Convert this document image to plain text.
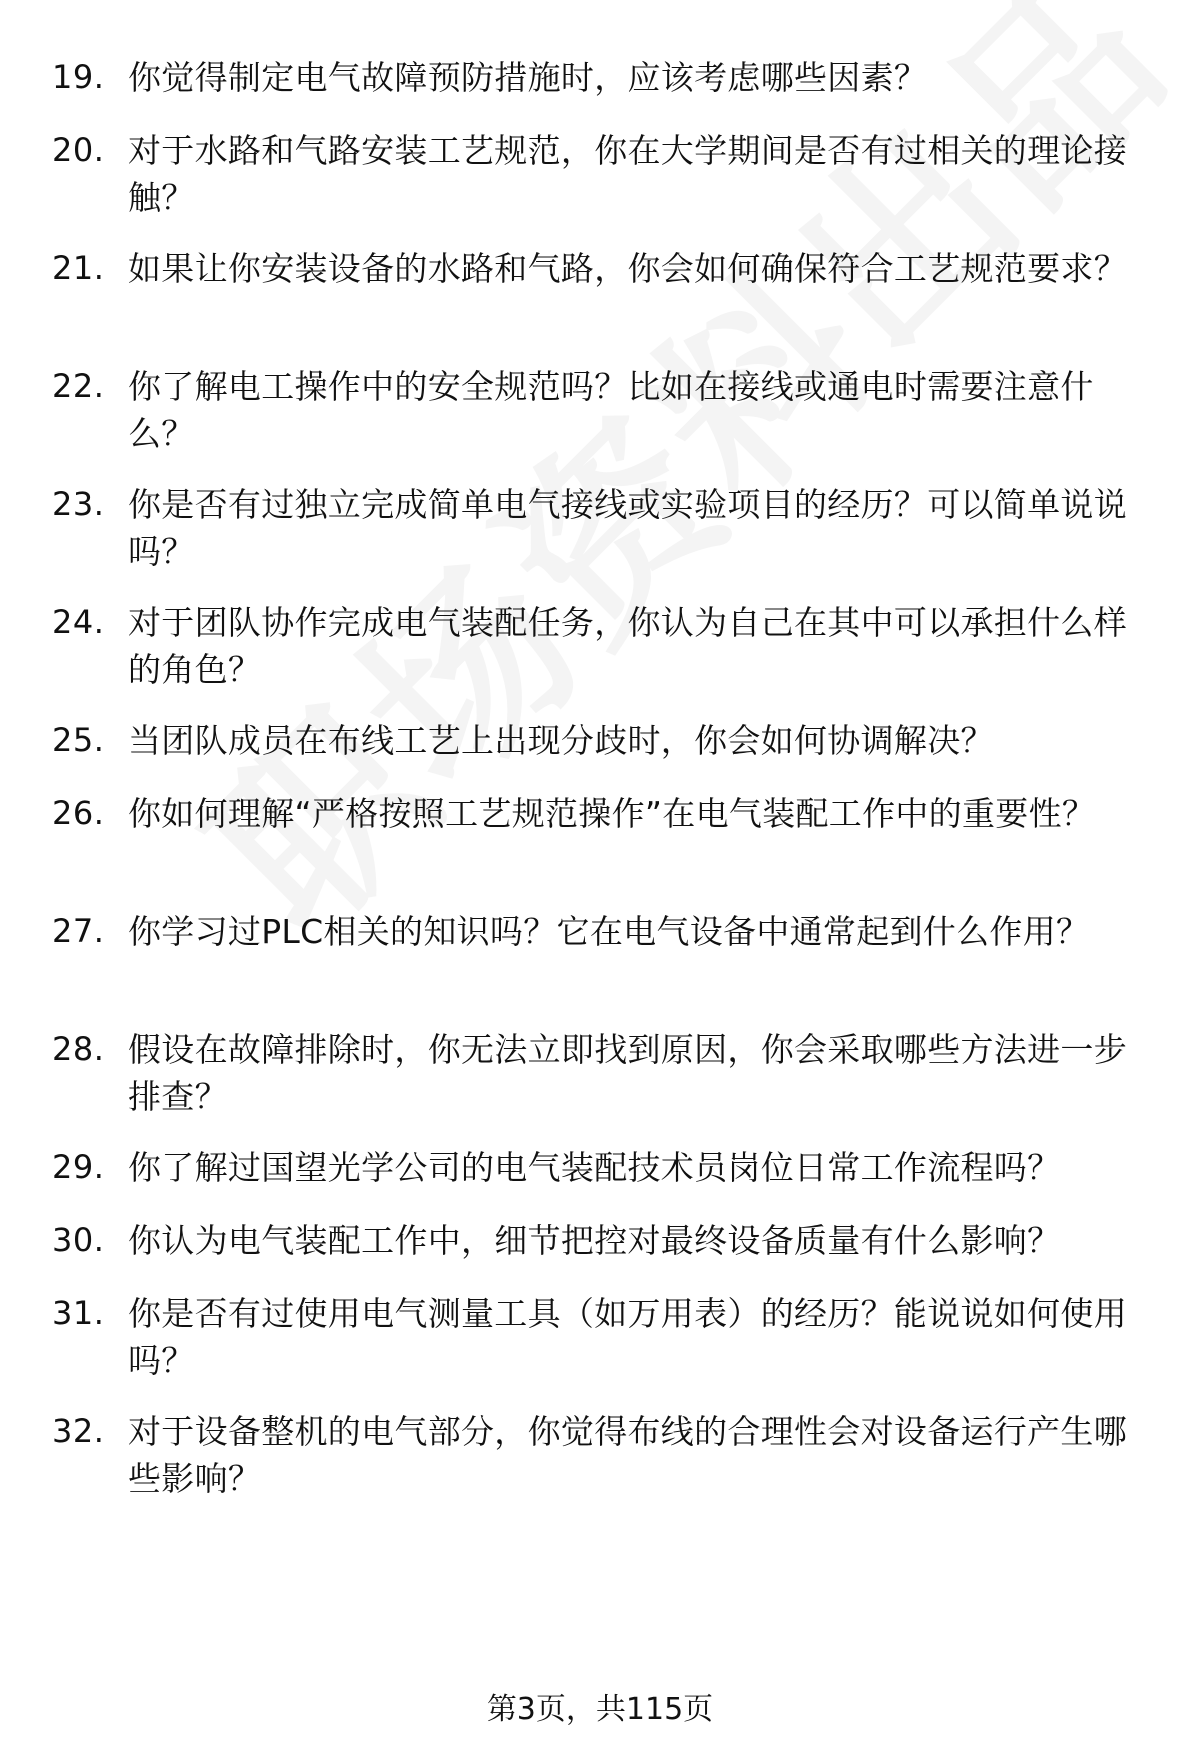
19. 你觉得制定电气故障预防措施时，应该考虑哪些因素？
20. 对于水路和气路安装工艺规范，你在大学期间是否有过相关的理论接触？
21. 如果让你安装设备的水路和气路，你会如何确保符合工艺规范要求？
22. 你了解电工操作中的安全规范吗？比如在接线或通电时需要注意什么？
23. 你是否有过独立完成简单电气接线或实验项目的经历？可以简单说说吗？
24. 对于团队协作完成电气装配任务，你认为自己在其中可以承担什么样的角色？
25. 当团队成员在布线工艺上出现分歧时，你会如何协调解决？
26. 你如何理解“严格按照工艺规范操作”在电气装配工作中的重要性？
27. 你学习过PLC相关的知识吗？它在电气设备中通常起到什么作用？
28. 假设在故障排除时，你无法立即找到原因，你会采取哪些方法进一步排查？
29. 你了解过国望光学公司的电气装配技术员岗位日常工作流程吗？
30. 你认为电气装配工作中，细节把控对最终设备质量有什么影响？
31. 你是否有过使用电气测量工具（如万用表）的经历？能说说如何使用吗？
32. 对于设备整机的电气部分，你觉得布线的合理性会对设备运行产生哪些影响？
第3页，共115页
